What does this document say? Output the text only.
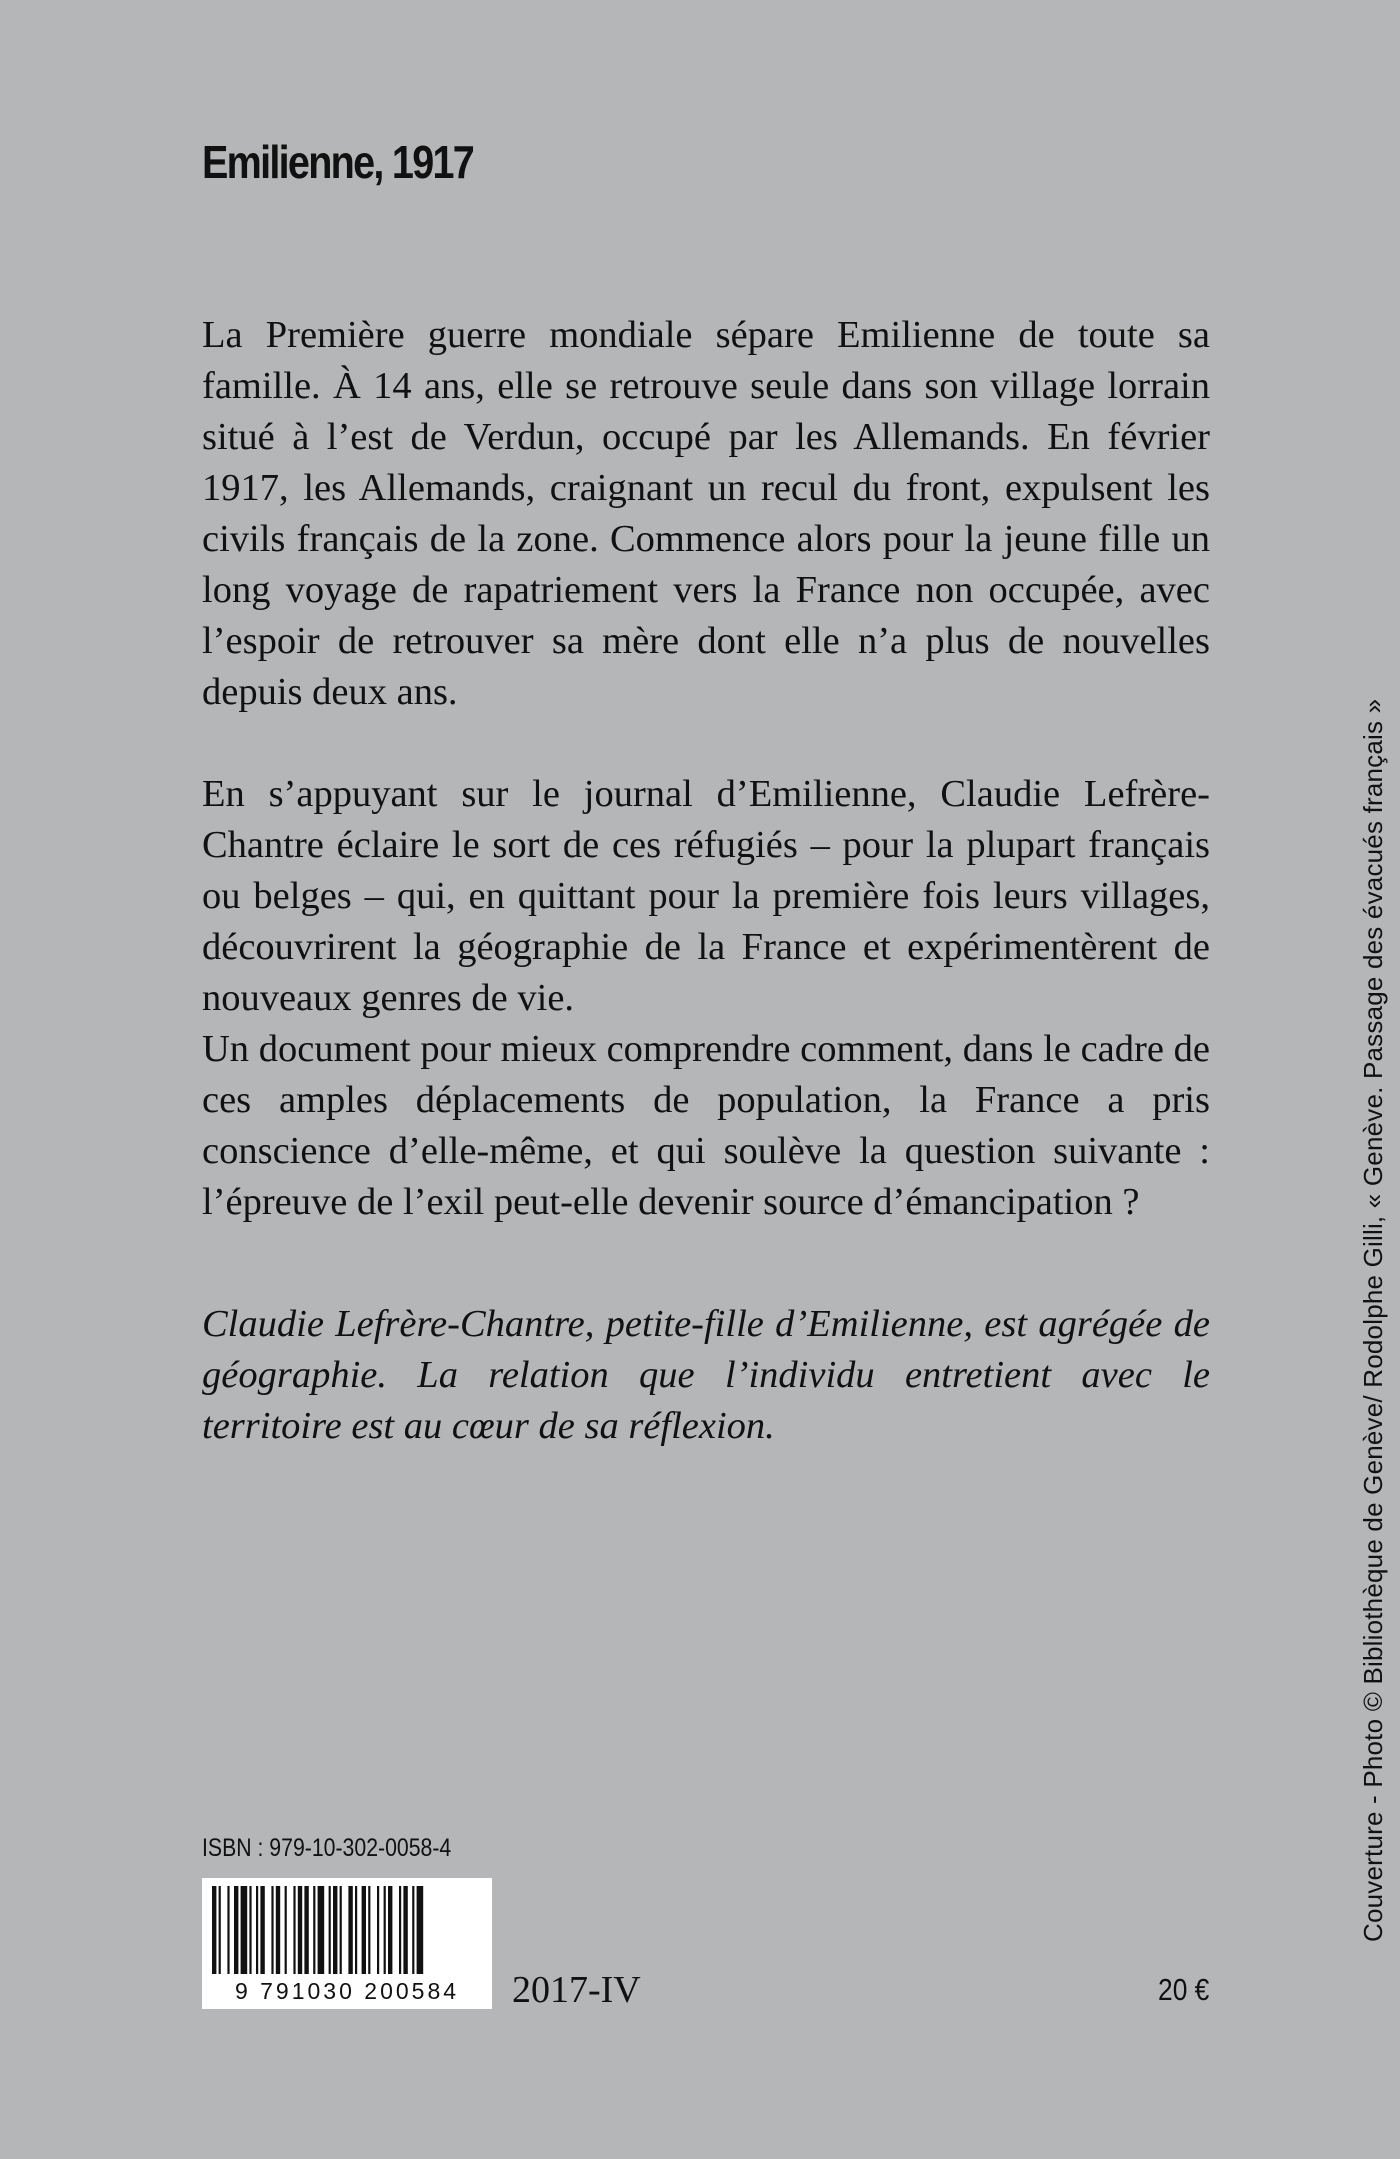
Emilienne, 1917

La Première guerre mondiale sépare Emilienne de toute sa famille. À 14 ans, elle se retrouve seule dans son village lorrain situé à l’est de Verdun, occupé par les Allemands. En février 1917, les Allemands, craignant un recul du front, expulsent les civils français de la zone. Commence alors pour la jeune fille un long voyage de rapatriement vers la France non occupée, avec l’espoir de retrouver sa mère dont elle n’a plus de nouvelles depuis deux ans.

En s’appuyant sur le journal d’Emilienne, Claudie Lefrère-Chantre éclaire le sort de ces réfugiés – pour la plupart français ou belges – qui, en quittant pour la première fois leurs villages, découvrirent la géographie de la France et expérimentèrent de nouveaux genres de vie.

Un document pour mieux comprendre comment, dans le cadre de ces amples déplacements de population, la France a pris conscience d’elle-même, et qui soulève la question suivante : l’épreuve de l’exil peut-elle devenir source d’émancipation ?

Claudie Lefrère-Chantre, petite-fille d’Emilienne, est agrégée de géographie. La relation que l’individu entretient avec le territoire est au cœur de sa réflexion.

ISBN : 979-10-302-0058-4
9 791030 200584	2017-IV	20 €
Couverture - Photo © Bibliothèque de Genève/ Rodolphe Gilli, « Genève. Passage des évacués français »
